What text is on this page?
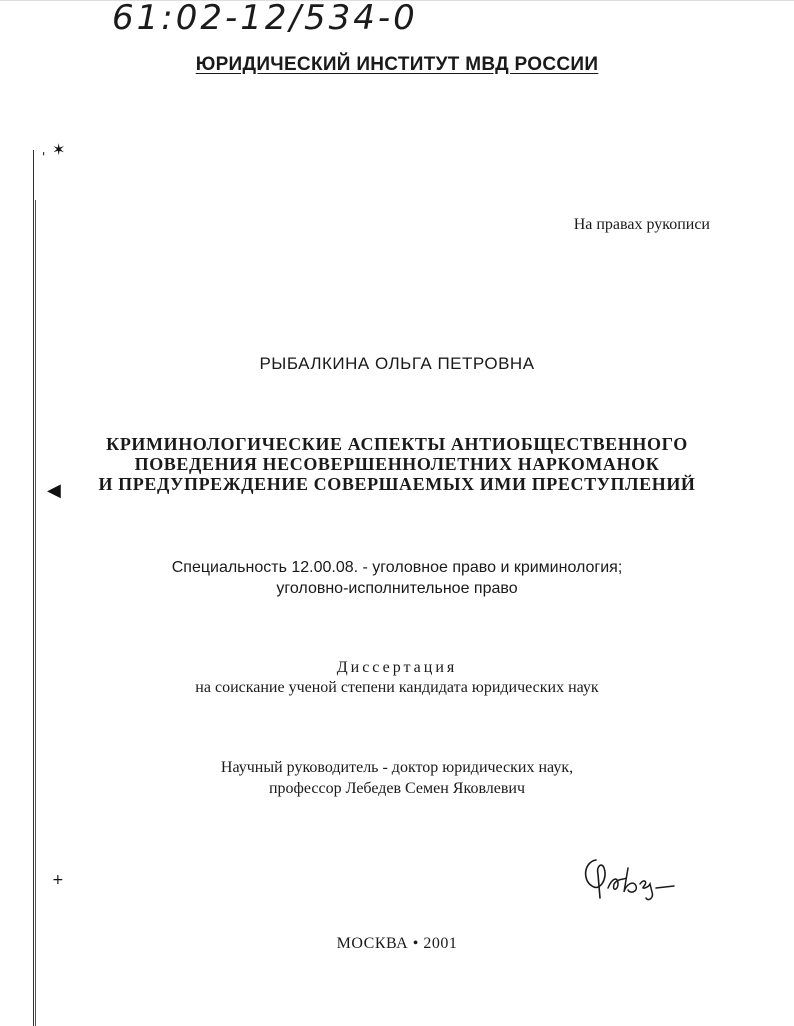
✶
'
◀
+
61:02-12/534-0
ЮРИДИЧЕСКИЙ ИНСТИТУТ МВД РОССИИ
На правах рукописи
РЫБАЛКИНА ОЛЬГА ПЕТРОВНА
КРИМИНОЛОГИЧЕСКИЕ АСПЕКТЫ АНТИОБЩЕСТВЕННОГО
ПОВЕДЕНИЯ НЕСОВЕРШЕННОЛЕТНИХ НАРКОМАНОК
И ПРЕДУПРЕЖДЕНИЕ СОВЕРШАЕМЫХ ИМИ ПРЕСТУПЛЕНИЙ
Специальность 12.00.08. - уголовное право и криминология;
уголовно-исполнительное право
Диссертация
на соискание ученой степени кандидата юридических наук
Научный руководитель - доктор юридических наук,
профессор Лебедев Семен Яковлевич
МОСКВА • 2001
